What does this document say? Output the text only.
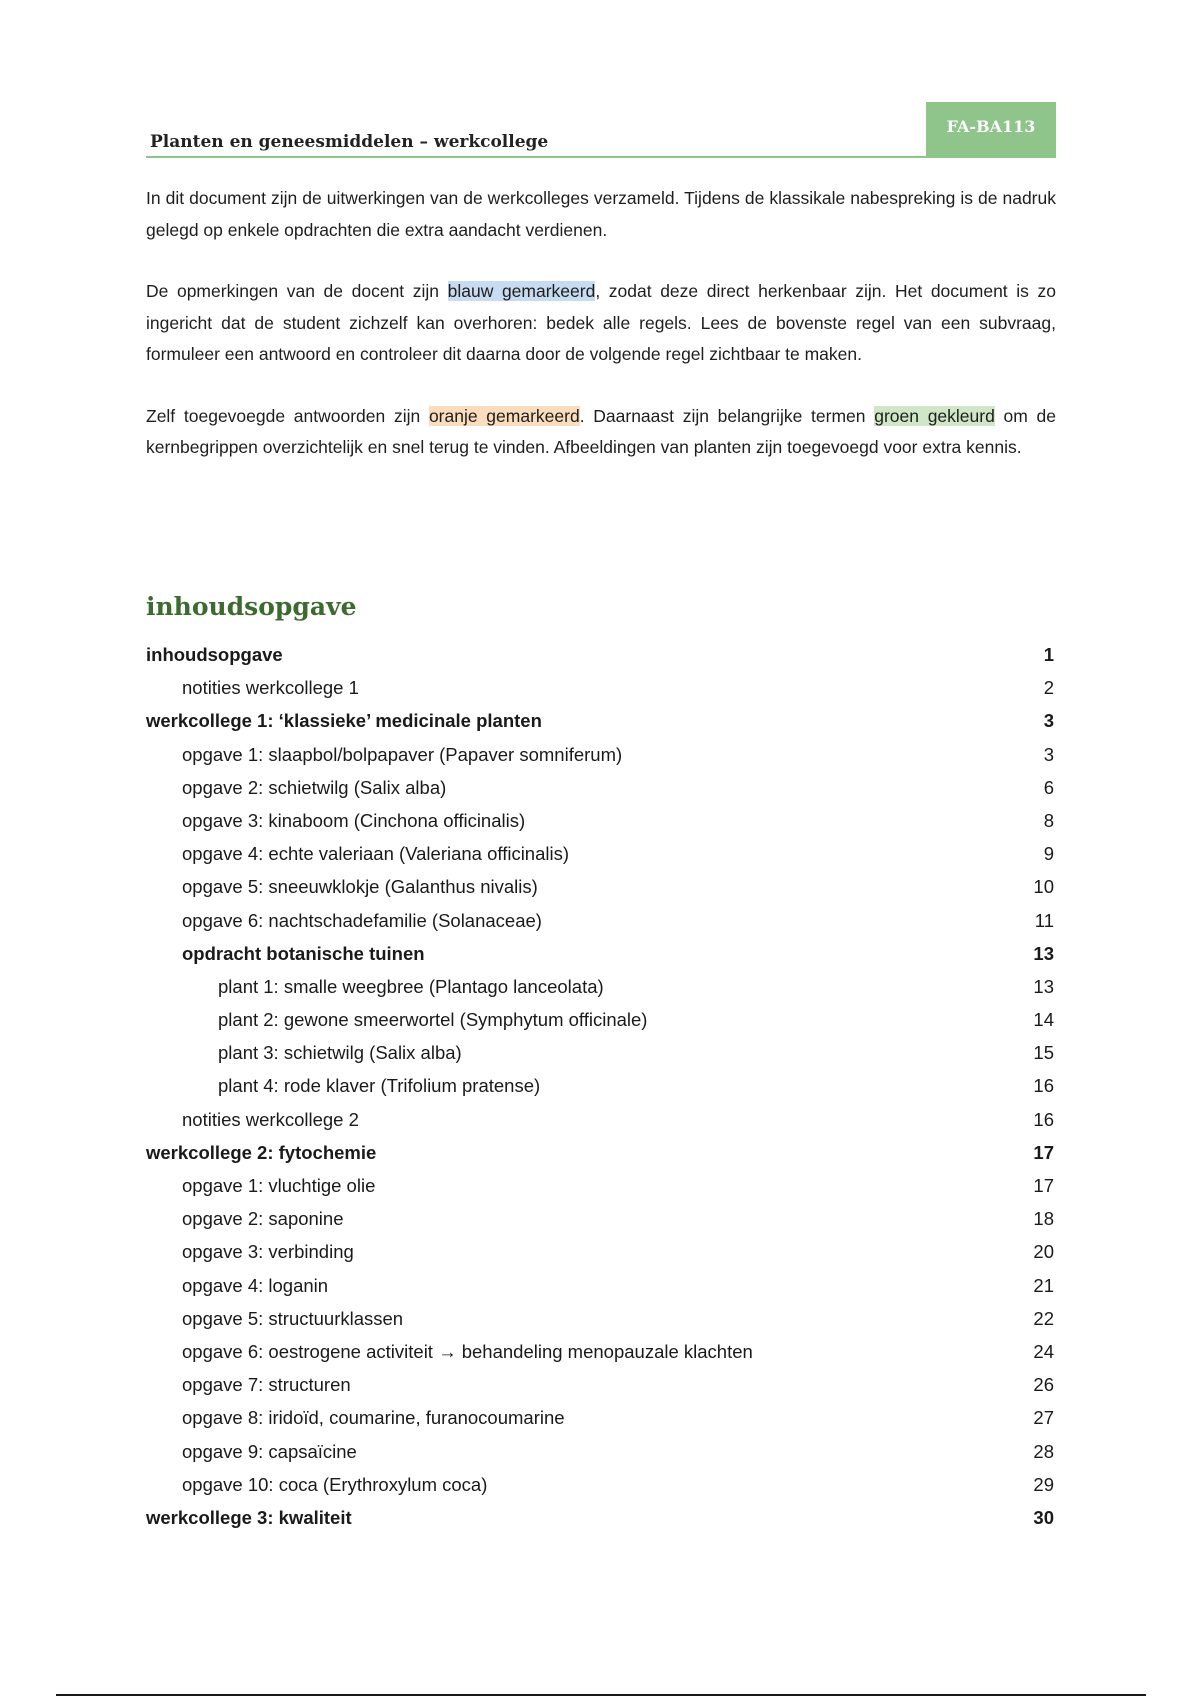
Planten en geneesmiddelen – werkcollege
FA-BA113

In dit document zijn de uitwerkingen van de werkcolleges verzameld. Tijdens de klassikale nabespreking is de nadruk gelegd op enkele opdrachten die extra aandacht verdienen.

De opmerkingen van de docent zijn blauw gemarkeerd, zodat deze direct herkenbaar zijn. Het document is zo ingericht dat de student zichzelf kan overhoren: bedek alle regels. Lees de bovenste regel van een subvraag, formuleer een antwoord en controleer dit daarna door de volgende regel zichtbaar te maken.

Zelf toegevoegde antwoorden zijn oranje gemarkeerd. Daarnaast zijn belangrijke termen groen gekleurd om de kernbegrippen overzichtelijk en snel terug te vinden. Afbeeldingen van planten zijn toegevoegd voor extra kennis.

inhoudsopgave
inhoudsopgave	1
notities werkcollege 1	2
werkcollege 1: ‘klassieke’ medicinale planten	3
opgave 1: slaapbol/bolpapaver (Papaver somniferum)	3
opgave 2: schietwilg (Salix alba)	6
opgave 3: kinaboom (Cinchona officinalis)	8
opgave 4: echte valeriaan (Valeriana officinalis)	9
opgave 5: sneeuwklokje (Galanthus nivalis)	10
opgave 6: nachtschadefamilie (Solanaceae)	11
opdracht botanische tuinen	13
plant 1: smalle weegbree (Plantago lanceolata)	13
plant 2: gewone smeerwortel (Symphytum officinale)	14
plant 3: schietwilg (Salix alba)	15
plant 4: rode klaver (Trifolium pratense)	16
notities werkcollege 2	16
werkcollege 2: fytochemie	17
opgave 1: vluchtige olie	17
opgave 2: saponine	18
opgave 3: verbinding	20
opgave 4: loganin	21
opgave 5: structuurklassen	22
opgave 6: oestrogene activiteit → behandeling menopauzale klachten	24
opgave 7: structuren	26
opgave 8: iridoïd, coumarine, furanocoumarine	27
opgave 9: capsaïcine	28
opgave 10: coca (Erythroxylum coca)	29
werkcollege 3: kwaliteit	30
